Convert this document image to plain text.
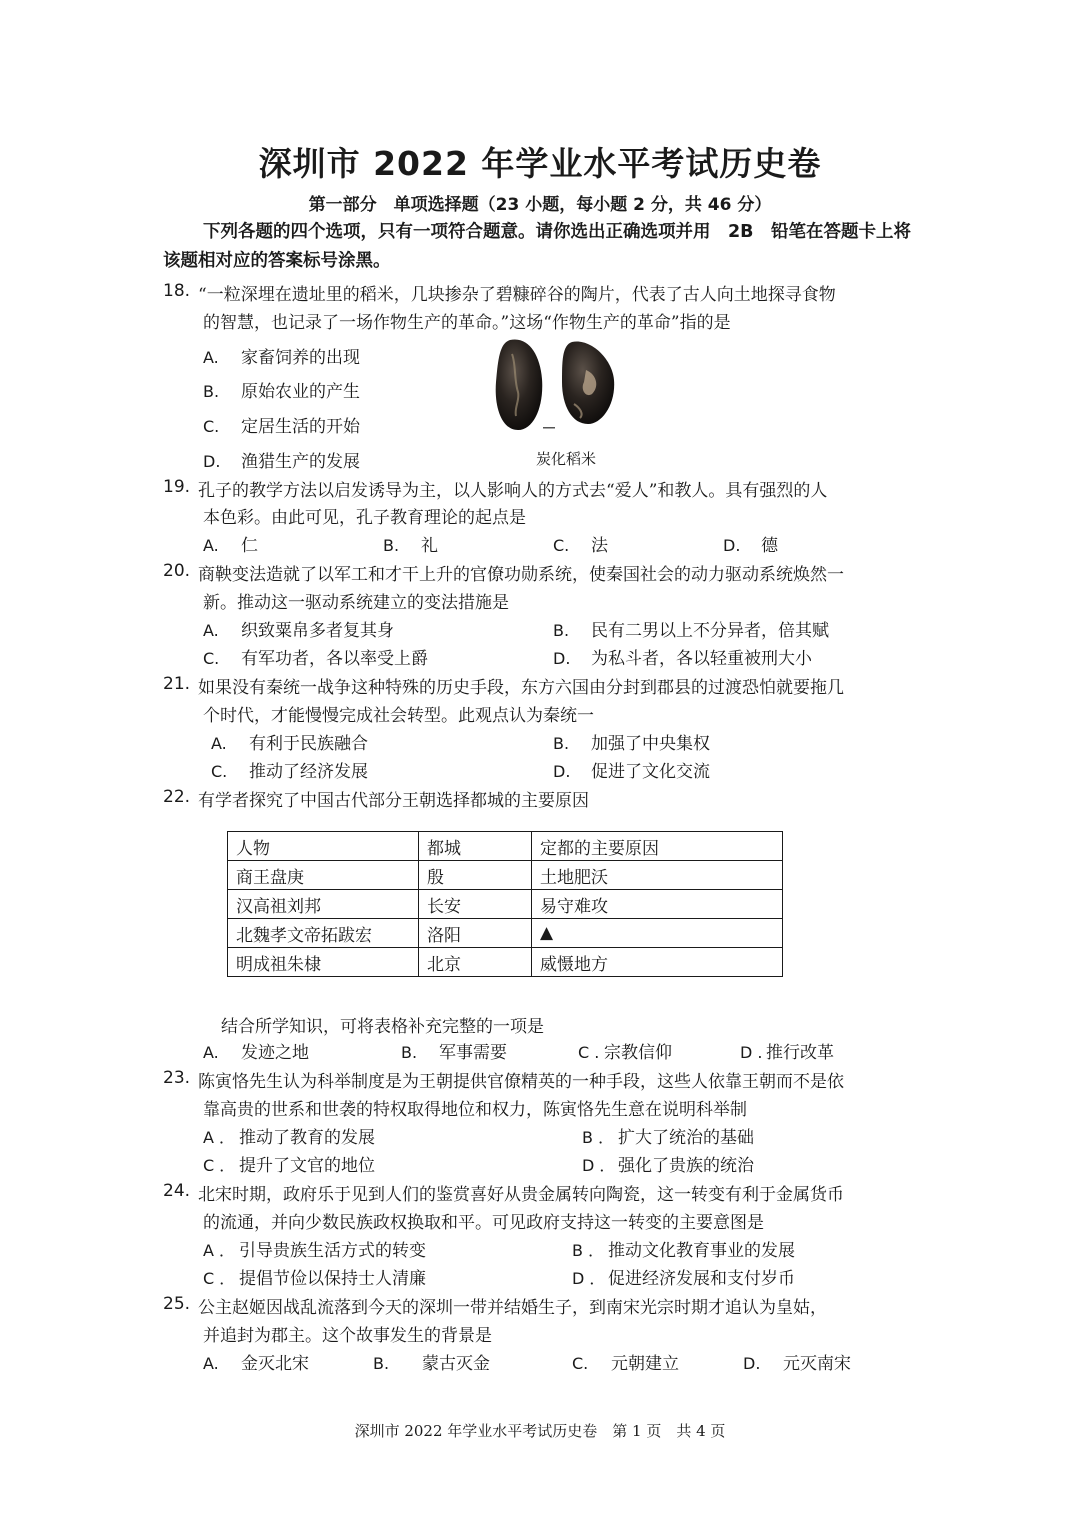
深圳市 2022 年学业水平考试历史卷
第一部分　单项选择题（23 小题，每小题 2 分，共 46 分）
下列各题的四个选项，只有一项符合题意。请你选出正确选项并用　2B　铅笔在答题卡上将该题相对应的答案标号涂黑。
18. “一粒深埋在遗址里的稻米，几块掺杂了碧糠碎谷的陶片，代表了古人向土地探寻食物
的智慧，也记录了一场作物生产的革命。”这场“作物生产的革命”指的是
A. 家畜饲养的出现
B. 原始农业的产生
C. 定居生活的开始
D. 渔猎生产的发展	炭化稻米
19. 孔子的教学方法以启发诱导为主，以人影响人的方式去“爱人”和教人。具有强烈的人
本色彩。由此可见，孔子教育理论的起点是
A. 仁	B. 礼	C. 法	D. 德
20. 商鞅变法造就了以军工和才干上升的官僚功勋系统，使秦国社会的动力驱动系统焕然一
新。推动这一驱动系统建立的变法措施是
A. 织致粟帛多者复其身	B. 民有二男以上不分异者，倍其赋
C. 有军功者，各以率受上爵	D. 为私斗者，各以轻重被刑大小
21. 如果没有秦统一战争这种特殊的历史手段，东方六国由分封到郡县的过渡恐怕就要拖几
个时代，才能慢慢完成社会转型。此观点认为秦统一
A. 有利于民族融合	B. 加强了中央集权
C. 推动了经济发展	D. 促进了文化交流
22. 有学者探究了中国古代部分王朝选择都城的主要原因
人物	都城	定都的主要原因
商王盘庚	殷	土地肥沃
汉高祖刘邦	长安	易守难攻
北魏孝文帝拓跋宏	洛阳	▲
明成祖朱棣	北京	威慑地方
结合所学知识，可将表格补充完整的一项是
A. 发迹之地	B. 军事需要	C . 宗教信仰	D . 推行改革
23. 陈寅恪先生认为科举制度是为王朝提供官僚精英的一种手段，这些人依靠王朝而不是依
靠高贵的世系和世袭的特权取得地位和权力，陈寅恪先生意在说明科举制
A ． 推动了教育的发展	B ． 扩大了统治的基础
C ． 提升了文官的地位	D ． 强化了贵族的统治
24. 北宋时期，政府乐于见到人们的鉴赏喜好从贵金属转向陶瓷，这一转变有利于金属货币
的流通，并向少数民族政权换取和平。可见政府支持这一转变的主要意图是
A ． 引导贵族生活方式的转变	B ． 推动文化教育事业的发展
C ． 提倡节俭以保持士人清廉	D ． 促进经济发展和支付岁币
25. 公主赵姬因战乱流落到今天的深圳一带并结婚生子，到南宋光宗时期才追认为皇姑，
并追封为郡主。这个故事发生的背景是
A. 金灭北宋	B. 蒙古灭金	C. 元朝建立	D. 元灭南宋
深圳市 2022 年学业水平考试历史卷　第 1 页　共 4 页
